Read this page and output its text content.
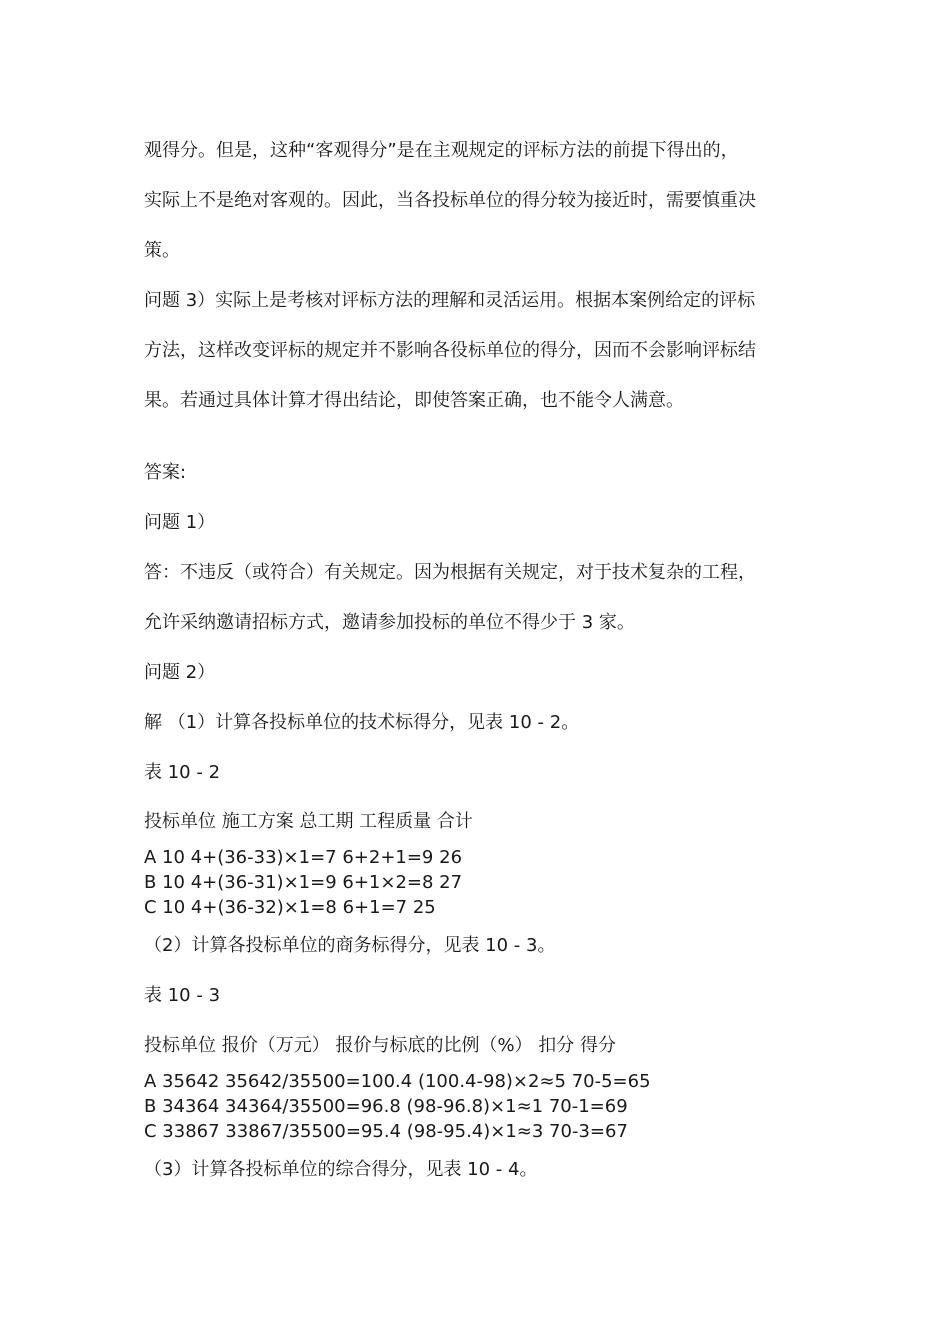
观得分。但是，这种“客观得分”是在主观规定的评标方法的前提下得出的，
实际上不是绝对客观的。因此，当各投标单位的得分较为接近时，需要慎重决
策。
问题 3）实际上是考核对评标方法的理解和灵活运用。根据本案例给定的评标
方法，这样改变评标的规定并不影响各役标单位的得分，因而不会影响评标结
果。若通过具体计算才得出结论，即使答案正确，也不能令人满意。
答案:
问题 1）
答：不违反（或符合）有关规定。因为根据有关规定，对于技术复杂的工程，
允许采纳邀请招标方式，邀请参加投标的单位不得少于 3 家。
问题 2）
解 （1）计算各投标单位的技术标得分，见表 10 - 2。
表 10 - 2
投标单位 施工方案 总工期 工程质量 合计
A 10 4+(36-33)×1=7 6+2+1=9 26
B 10 4+(36-31)×1=9 6+1×2=8 27
C 10 4+(36-32)×1=8 6+1=7 25
（2）计算各投标单位的商务标得分，见表 10 - 3。
表 10 - 3
投标单位 报价（万元） 报价与标底的比例（%） 扣分 得分
A 35642 35642/35500=100.4 (100.4-98)×2≈5 70-5=65
B 34364 34364/35500=96.8 (98-96.8)×1≈1 70-1=69
C 33867 33867/35500=95.4 (98-95.4)×1≈3 70-3=67
（3）计算各投标单位的综合得分，见表 10 - 4。
